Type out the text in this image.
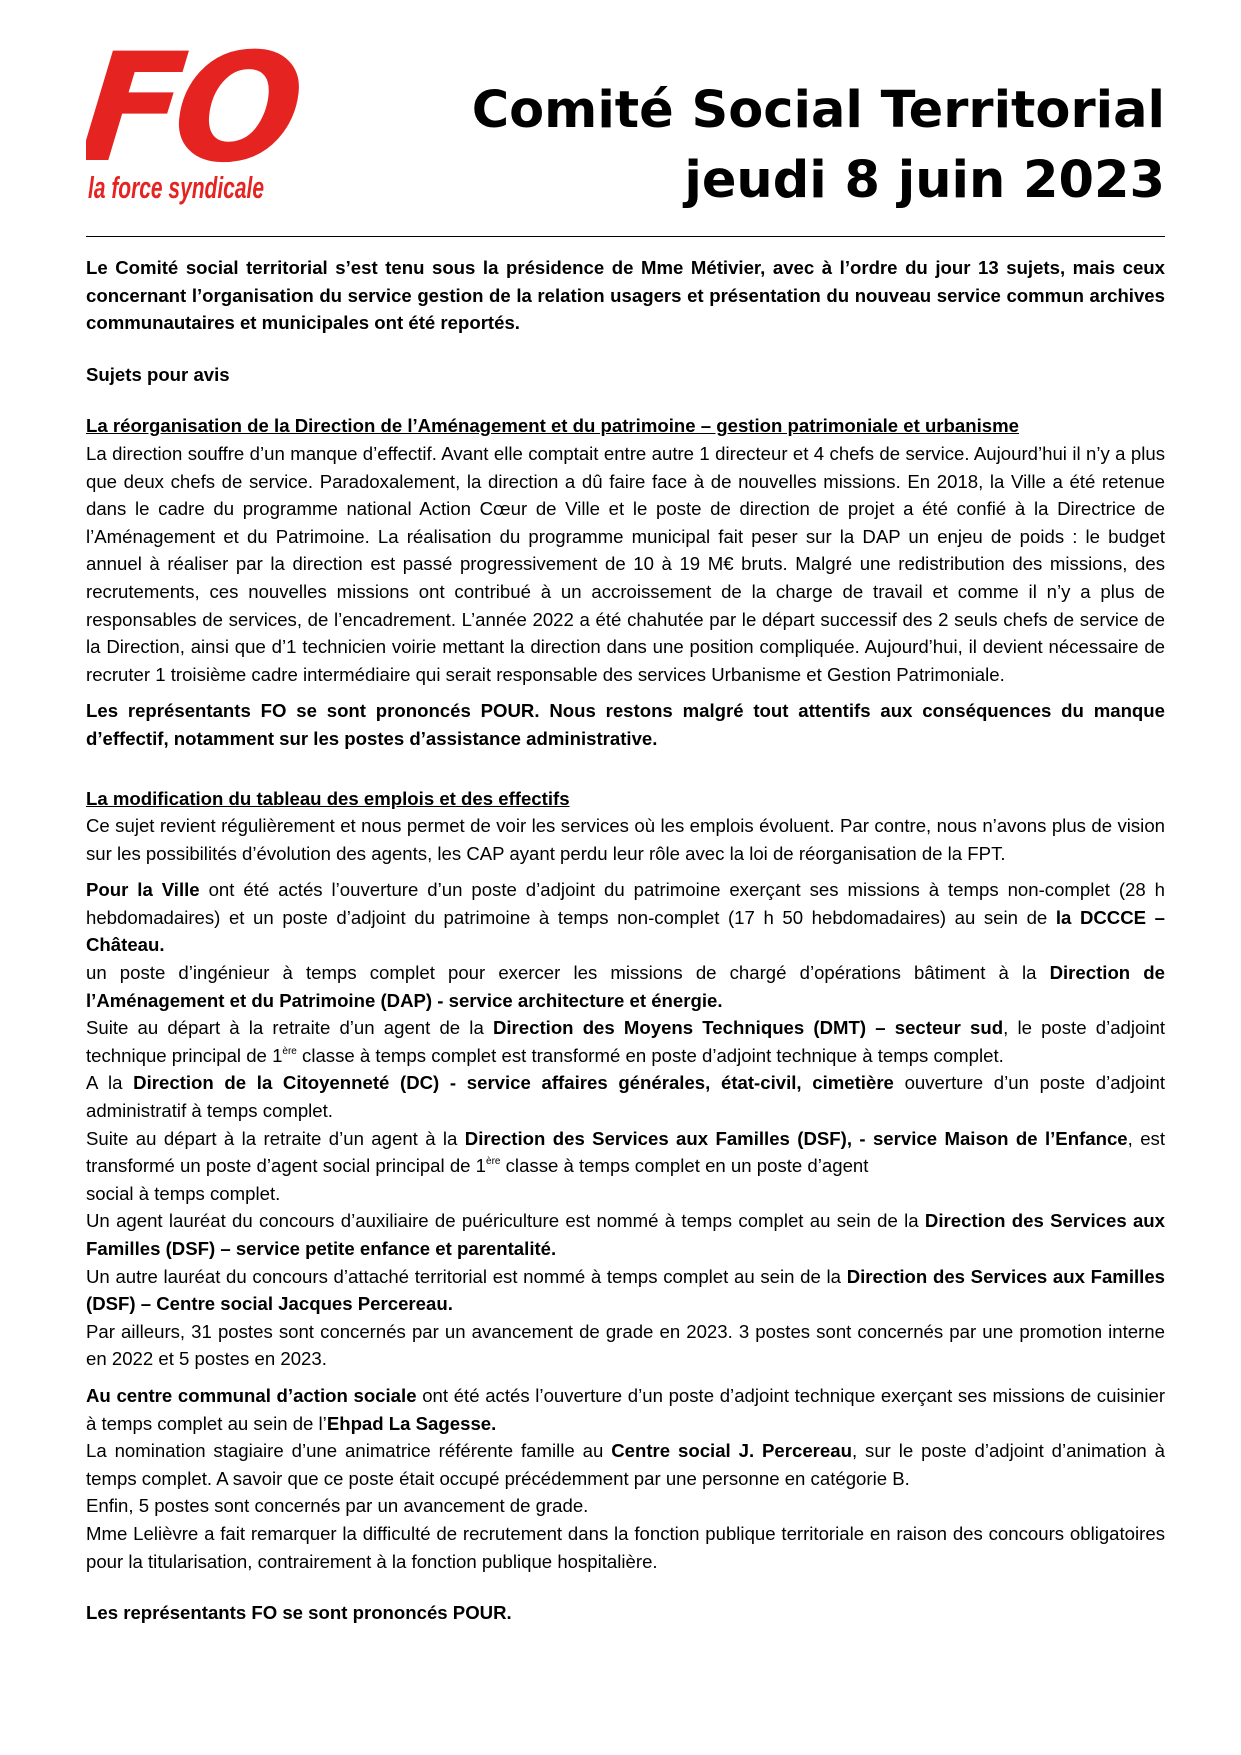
FO
la force syndicale
Comité Social Territorial
jeudi 8 juin 2023

Le Comité social territorial s’est tenu sous la présidence de Mme Métivier, avec à l’ordre du jour 13 sujets, mais ceux concernant l’organisation du service gestion de la relation usagers et présentation du nouveau service commun archives communautaires et municipales ont été reportés.

Sujets pour avis

La réorganisation de la Direction de l’Aménagement et du patrimoine – gestion patrimoniale et urbanisme

La direction souffre d’un manque d’effectif. Avant elle comptait entre autre 1 directeur et 4 chefs de service. Aujourd’hui il n’y a plus que deux chefs de service. Paradoxalement, la direction a dû faire face à de nouvelles missions. En 2018, la Ville a été retenue dans le cadre du programme national Action Cœur de Ville et le poste de direction de projet a été confié à la Directrice de l’Aménagement et du Patrimoine. La réalisation du programme municipal fait peser sur la DAP un enjeu de poids : le budget annuel à réaliser par la direction est passé progressivement de 10 à 19 M€ bruts. Malgré une redistribution des missions, des recrutements, ces nouvelles missions ont contribué à un accroissement de la charge de travail et comme il n’y a plus de responsables de services, de l’encadrement. L’année 2022 a été chahutée par le départ successif des 2 seuls chefs de service de la Direction, ainsi que d’1 technicien voirie mettant la direction dans une position compliquée. Aujourd’hui, il devient nécessaire de recruter 1 troisième cadre intermédiaire qui serait responsable des services Urbanisme et Gestion Patrimoniale.

Les représentants FO se sont prononcés POUR. Nous restons malgré tout attentifs aux conséquences du manque d’effectif, notamment sur les postes d’assistance administrative.

La modification du tableau des emplois et des effectifs

Ce sujet revient régulièrement et nous permet de voir les services où les emplois évoluent. Par contre, nous n’avons plus de vision sur les possibilités d’évolution des agents, les CAP ayant perdu leur rôle avec la loi de réorganisation de la FPT.

Pour la Ville ont été actés l’ouverture d’un poste d’adjoint du patrimoine exerçant ses missions à temps non-complet (28 h hebdomadaires) et un poste d’adjoint du patrimoine à temps non-complet (17 h 50 hebdomadaires) au sein de la DCCCE – Château.

un poste d’ingénieur à temps complet pour exercer les missions de chargé d’opérations bâtiment à la Direction de l’Aménagement et du Patrimoine (DAP) - service architecture et énergie.

Suite au départ à la retraite d’un agent de la Direction des Moyens Techniques (DMT) – secteur sud, le poste d’adjoint technique principal de 1ère classe à temps complet est transformé en poste d’adjoint technique à temps complet.

A la Direction de la Citoyenneté (DC) - service affaires générales, état-civil, cimetière ouverture d’un poste d’adjoint administratif à temps complet.

Suite au départ à la retraite d’un agent à la Direction des Services aux Familles (DSF), - service Maison de l’Enfance, est transformé un poste d’agent social principal de 1ère classe à temps complet en un poste d’agent

social à temps complet.

Un agent lauréat du concours d’auxiliaire de puériculture est nommé à temps complet au sein de la Direction des Services aux Familles (DSF) – service petite enfance et parentalité.

Un autre lauréat du concours d’attaché territorial est nommé à temps complet au sein de la Direction des Services aux Familles (DSF) – Centre social Jacques Percereau.

Par ailleurs, 31 postes sont concernés par un avancement de grade en 2023. 3 postes sont concernés par une promotion interne en 2022 et 5 postes en 2023.

Au centre communal d’action sociale ont été actés l’ouverture d’un poste d’adjoint technique exerçant ses missions de cuisinier à temps complet au sein de l’Ehpad La Sagesse.

La nomination stagiaire d’une animatrice référente famille au Centre social J. Percereau, sur le poste d’adjoint d’animation à temps complet. A savoir que ce poste était occupé précédemment par une personne en catégorie B.

Enfin, 5 postes sont concernés par un avancement de grade.

Mme Lelièvre a fait remarquer la difficulté de recrutement dans la fonction publique territoriale en raison des concours obligatoires pour la titularisation, contrairement à la fonction publique hospitalière.

Les représentants FO se sont prononcés POUR.
